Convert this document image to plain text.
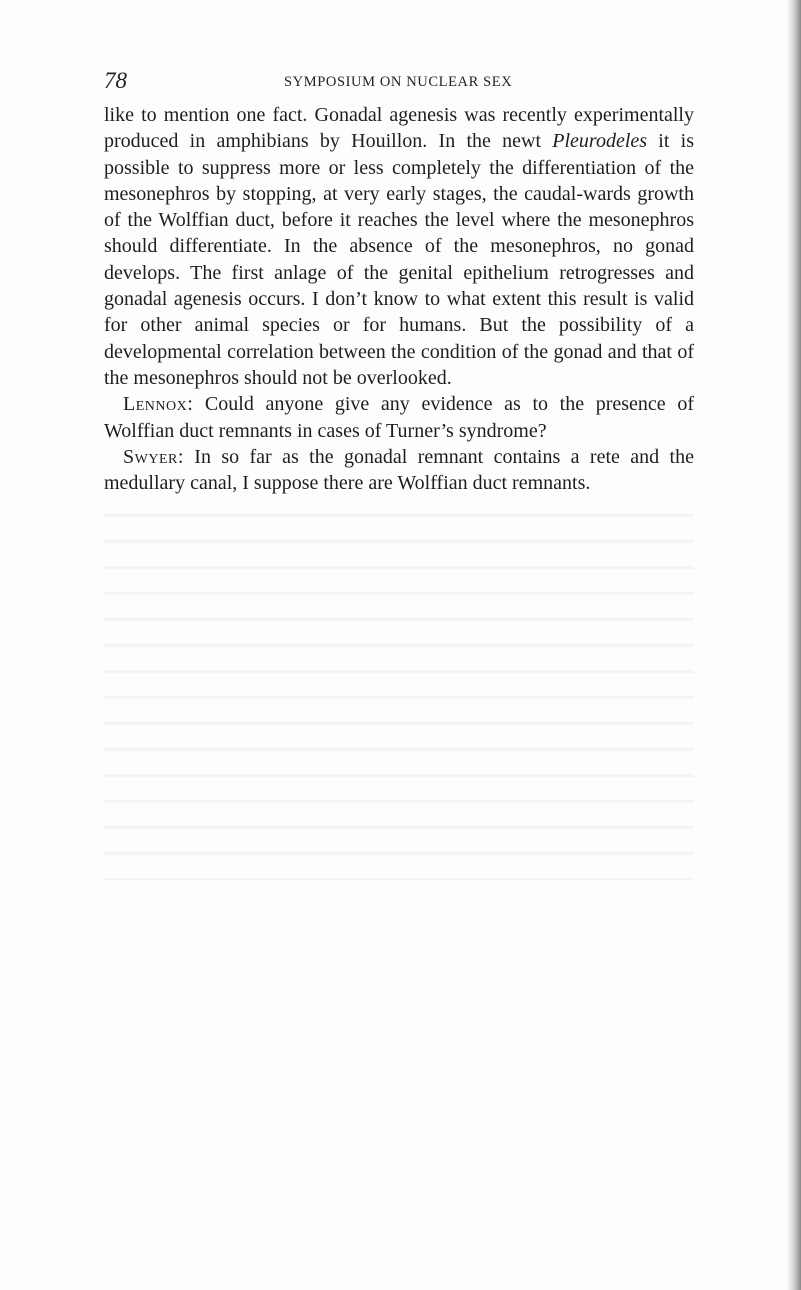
78	SYMPOSIUM ON NUCLEAR SEX

like to mention one fact. Gonadal agenesis was recently experimentally produced in amphibians by Houillon. In the newt Pleurodeles it is possible to suppress more or less completely the differentiation of the mesonephros by stopping, at very early stages, the caudal-wards growth of the Wolffian duct, before it reaches the level where the mesonephros should differentiate. In the absence of the mesonephros, no gonad develops. The first anlage of the genital epithelium retrogresses and gonadal agenesis occurs. I don’t know to what extent this result is valid for other animal species or for humans. But the possibility of a developmental correlation between the condition of the gonad and that of the mesonephros should not be overlooked.

Lennox: Could anyone give any evidence as to the presence of Wolffian duct remnants in cases of Turner’s syndrome?

Swyer: In so far as the gonadal remnant contains a rete and the medullary canal, I suppose there are Wolffian duct remnants.
